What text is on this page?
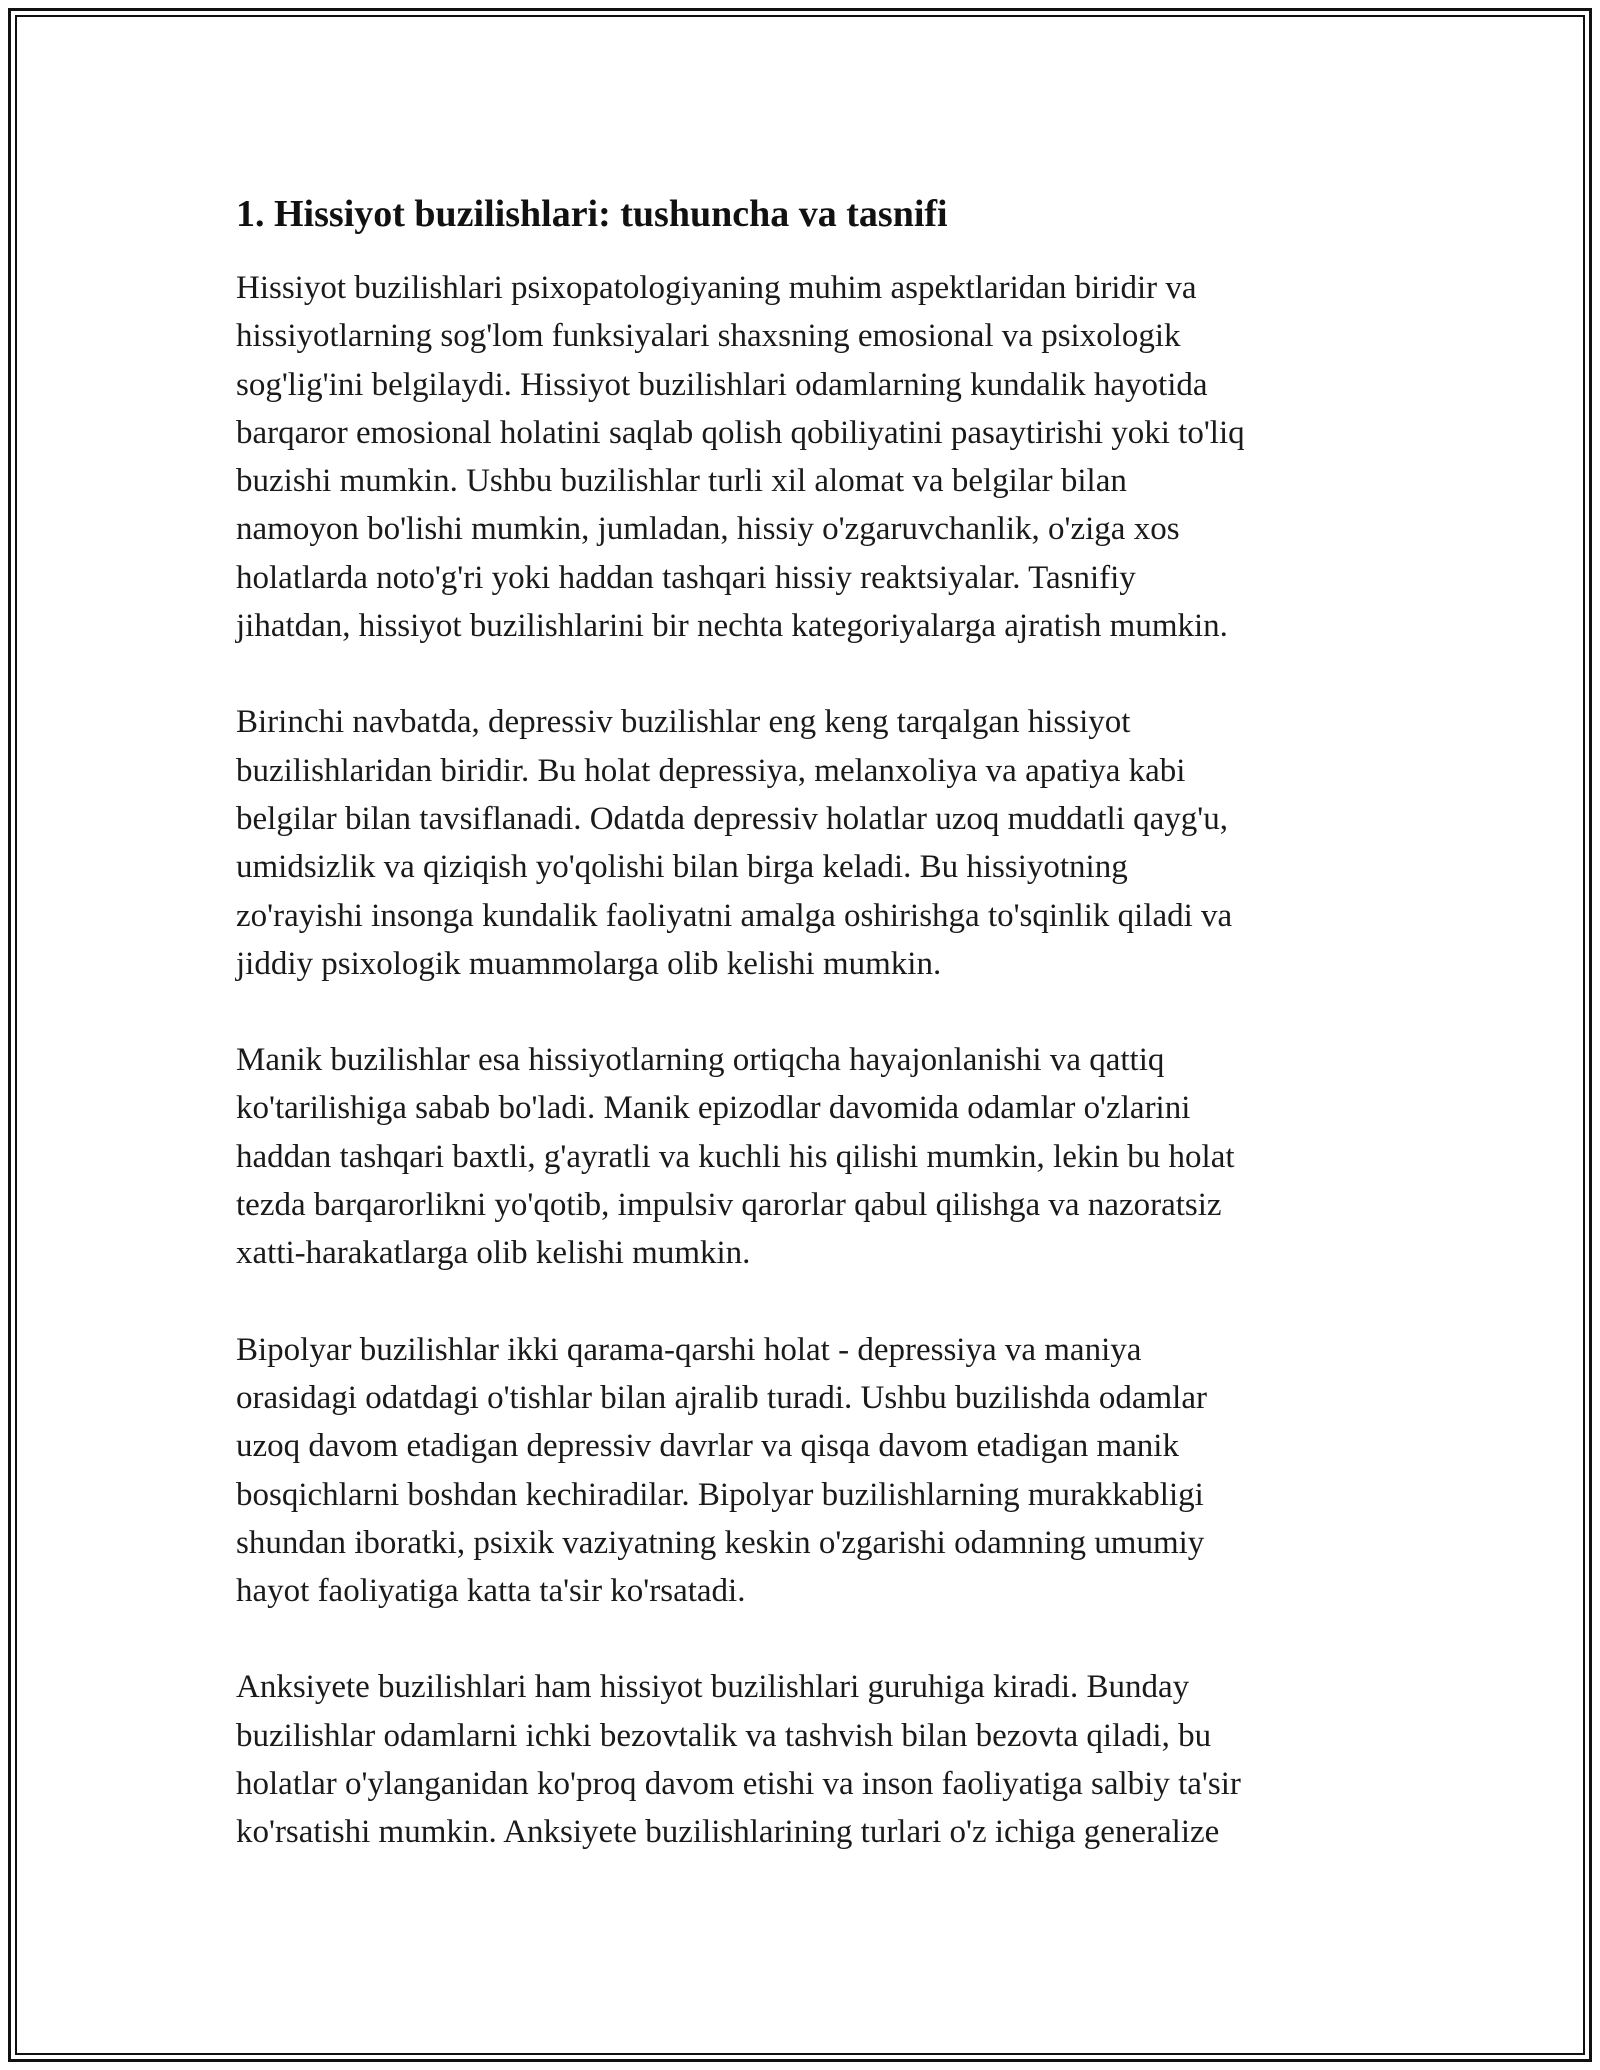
1. Hissiyot buzilishlari: tushuncha va tasnifi

Hissiyot buzilishlari psixopatologiyaning muhim aspektlaridan biridir va
hissiyotlarning sog'lom funksiyalari shaxsning emosional va psixologik
sog'lig'ini belgilaydi. Hissiyot buzilishlari odamlarning kundalik hayotida
barqaror emosional holatini saqlab qolish qobiliyatini pasaytirishi yoki to'liq
buzishi mumkin. Ushbu buzilishlar turli xil alomat va belgilar bilan
namoyon bo'lishi mumkin, jumladan, hissiy o'zgaruvchanlik, o'ziga xos
holatlarda noto'g'ri yoki haddan tashqari hissiy reaktsiyalar. Tasnifiy
jihatdan, hissiyot buzilishlarini bir nechta kategoriyalarga ajratish mumkin.

Birinchi navbatda, depressiv buzilishlar eng keng tarqalgan hissiyot
buzilishlaridan biridir. Bu holat depressiya, melanxoliya va apatiya kabi
belgilar bilan tavsiflanadi. Odatda depressiv holatlar uzoq muddatli qayg'u,
umidsizlik va qiziqish yo'qolishi bilan birga keladi. Bu hissiyotning
zo'rayishi insonga kundalik faoliyatni amalga oshirishga to'sqinlik qiladi va
jiddiy psixologik muammolarga olib kelishi mumkin.

Manik buzilishlar esa hissiyotlarning ortiqcha hayajonlanishi va qattiq
ko'tarilishiga sabab bo'ladi. Manik epizodlar davomida odamlar o'zlarini
haddan tashqari baxtli, g'ayratli va kuchli his qilishi mumkin, lekin bu holat
tezda barqarorlikni yo'qotib, impulsiv qarorlar qabul qilishga va nazoratsiz
xatti-harakatlarga olib kelishi mumkin.

Bipolyar buzilishlar ikki qarama-qarshi holat - depressiya va maniya
orasidagi odatdagi o'tishlar bilan ajralib turadi. Ushbu buzilishda odamlar
uzoq davom etadigan depressiv davrlar va qisqa davom etadigan manik
bosqichlarni boshdan kechiradilar. Bipolyar buzilishlarning murakkabligi
shundan iboratki, psixik vaziyatning keskin o'zgarishi odamning umumiy
hayot faoliyatiga katta ta'sir ko'rsatadi.

Anksiyete buzilishlari ham hissiyot buzilishlari guruhiga kiradi. Bunday
buzilishlar odamlarni ichki bezovtalik va tashvish bilan bezovta qiladi, bu
holatlar o'ylanganidan ko'proq davom etishi va inson faoliyatiga salbiy ta'sir
ko'rsatishi mumkin. Anksiyete buzilishlarining turlari o'z ichiga generalize
